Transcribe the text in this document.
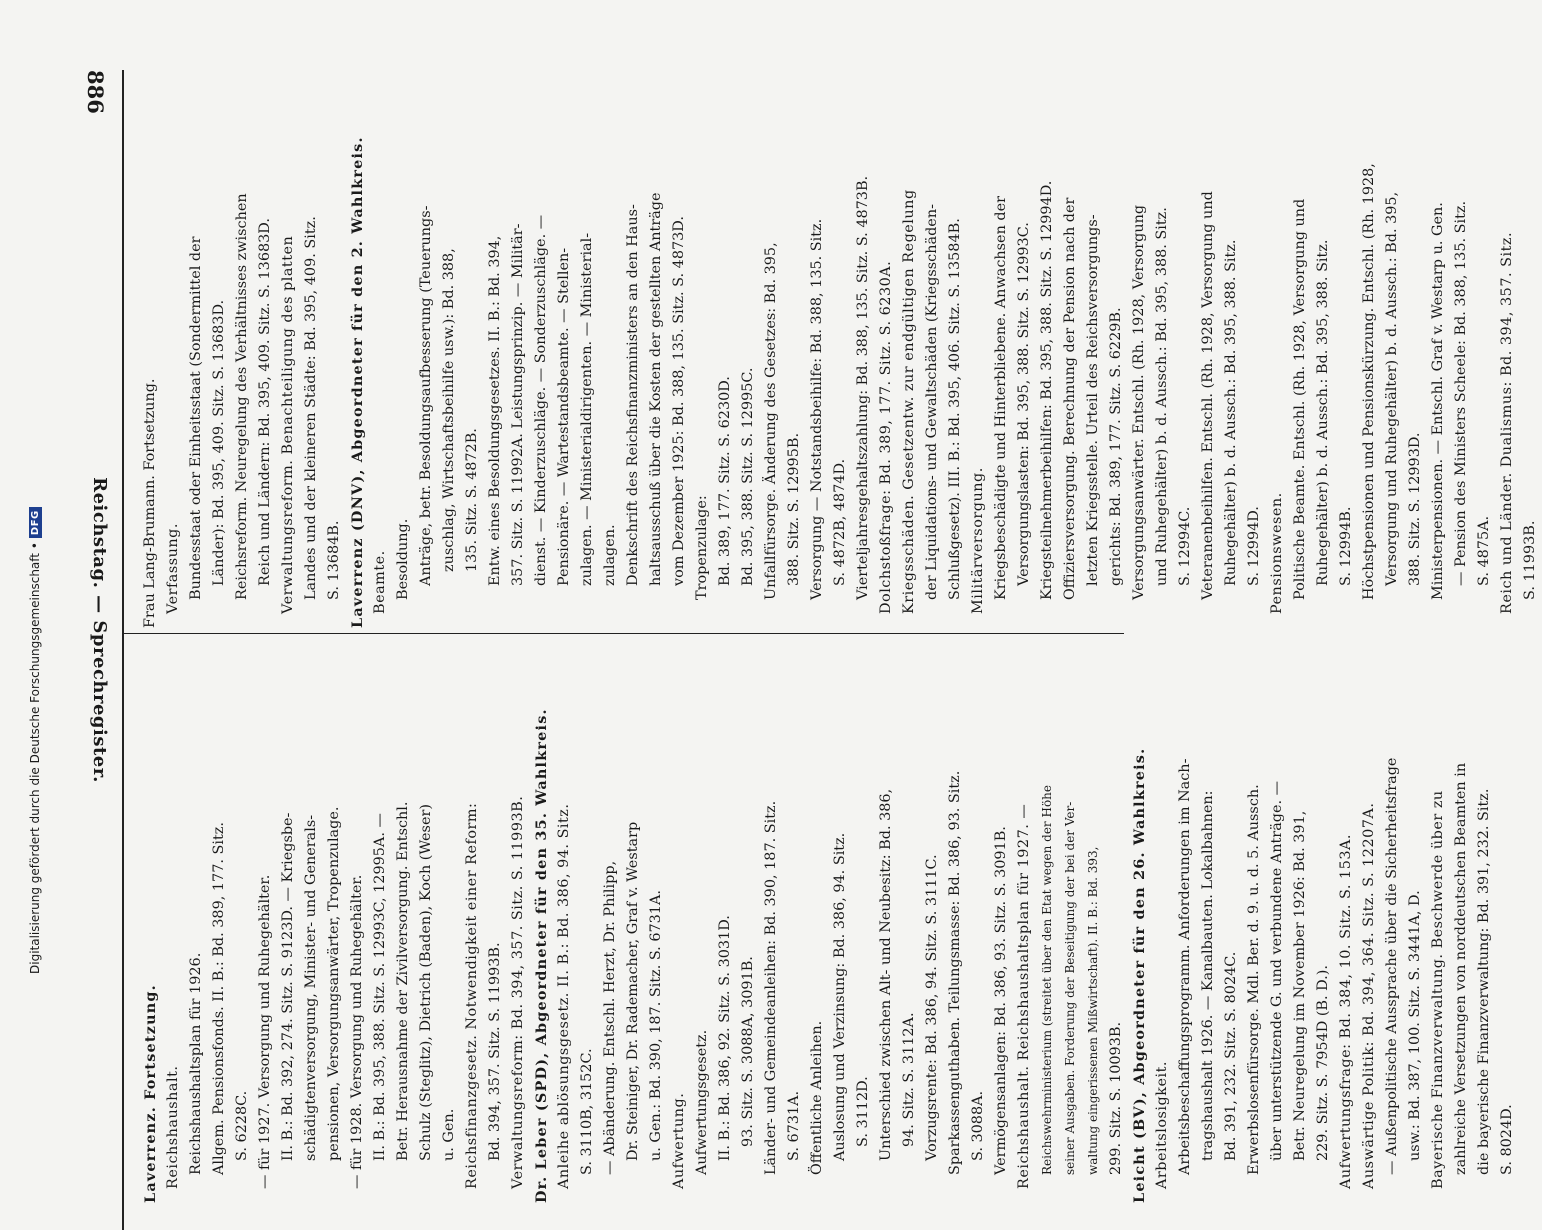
886
Reichstag. — Sprechregister. Frau Lang-Brumann. Fortsetzung. Verfassung. Bundesstaat oder Einheitsstaat (Sondermittel der Länder): Bd. 395, 409. Sitz. S. 13683D. Reichsreform. Neuregelung des Verhältnisses zwischen Reich und Ländern: Bd. 395, 409. Sitz. S. 13683D. Verwaltungsreform. Benachteiligung des platten Landes und der kleineren Städte: Bd. 395, 409. Sitz. S. 13684B. Laverrenz (DNV), Abgeordneter für den 2. Wahlkreis. Beamte. Besoldung. Anträge, betr. Besoldungsaufbesserung (Teuerungs- zuschlag, Wirtschaftsbeihilfe usw.): Bd. 388, 135. Sitz. S. 4872B. Entw. eines Besoldungsgesetzes. II. B.: Bd. 394, 357. Sitz. S. 11992A. Leistungsprinzip. — Militär- dienst. — Kinderzuschläge. — Sonderzuschläge. — Pensionäre. — Wartestandsbeamte. — Stellen- zulagen. — Ministerialdirigenten. — Ministerial- zulagen. Denkschrift des Reichsfinanzministers an den Haus- haltsausschuß über die Kosten der gestellten Anträge vom Dezember 1925: Bd. 388, 135. Sitz. S. 4873D. Tropenzulage: Bd. 389, 177. Sitz. S. 6230D. Bd. 395, 388. Sitz. S. 12995C. Unfallfürsorge. Änderung des Gesetzes: Bd. 395, 388. Sitz. S. 12995B. Versorgung — Notstandsbeihilfe: Bd. 388, 135. Sitz. S. 4872B, 4874D. Vierteljahresgehaltszahlung: Bd. 388, 135. Sitz. S. 4873B. Dolchstoßfrage: Bd. 389, 177. Sitz. S. 6230A. Kriegsschäden. Gesetzentw. zur endgültigen Regelung der Liquidations- und Gewaltschäden (Kriegsschäden- Schlußgesetz). III. B.: Bd. 395, 406. Sitz. S. 13584B. Militärversorgung. Kriegsbeschädigte und Hinterbliebene. Anwachsen der Versorgungslasten: Bd. 395, 388. Sitz. S. 12993C. Kriegsteilnehmerbeihilfen: Bd. 395, 388. Sitz. S. 12994D. Offiziersversorgung. Berechnung der Pension nach der letzten Kriegsstelle. Urteil des Reichsversorgungs- gerichts: Bd. 389, 177. Sitz. S. 6229B. Versorgungsanwärter. Entschl. (Rh. 1928, Versorgung und Ruhegehälter) b. d. Aussch.: Bd. 395, 388. Sitz. S. 12994C. Veteranenbeihilfen. Entschl. (Rh. 1928, Versorgung und Ruhegehälter) b. d. Aussch.: Bd. 395, 388. Sitz. S. 12994D. Pensionswesen. Politische Beamte. Entschl. (Rh. 1928, Versorgung und Ruhegehälter) b. d. Aussch.: Bd. 395, 388. Sitz. S. 12994B. Höchstpensionen und Pensionskürzung. Entschl. (Rh. 1928, Versorgung und Ruhegehälter) b. d. Aussch.: Bd. 395, 388. Sitz. S. 12993D. Ministerpensionen. — Entschl. Graf v. Westarp u. Gen. — Pension des Ministers Scheele: Bd. 388, 135. Sitz. S. 4875A. Reich und Länder. Dualismus: Bd. 394, 357. Sitz. S. 11993B.

Laverrenz. Fortsetzung. Reichshaushalt. Reichshaushaltsplan für 1926. Allgem. Pensionsfonds. II. B.: Bd. 389, 177. Sitz. S. 6228C. — für 1927. Versorgung und Ruhegehälter. II. B.: Bd. 392, 274. Sitz. S. 9123D. — Kriegsbe- schädigtenversorgung, Minister- und Generals- pensionen, Versorgungsanwärter, Tropenzulage. — für 1928. Versorgung und Ruhegehälter. II. B.: Bd. 395, 388. Sitz. S. 12993C, 12995A. — Betr. Herausnahme der Zivilversorgung. Entschl. Schulz (Steglitz), Dietrich (Baden), Koch (Weser) u. Gen. Reichsfinanzgesetz. Notwendigkeit einer Reform: Bd. 394, 357. Sitz. S. 11993B. Verwaltungsreform: Bd. 394, 357. Sitz. S. 11993B. Dr. Leber (SPD), Abgeordneter für den 35. Wahlkreis. Anleihe ablösungsgesetz. II. B.: Bd. 386, 94. Sitz. S. 3110B, 3152C. — Abänderung. Entschl. Herzt, Dr. Philipp, Dr. Steiniger, Dr. Rademacher, Graf v. Westarp u. Gen.: Bd. 390, 187. Sitz. S. 6731A. Aufwertung. Aufwertungsgesetz. II. B.: Bd. 386, 92. Sitz. S. 3031D. 93. Sitz. S. 3088A, 3091B. Länder- und Gemeindeanleihen: Bd. 390, 187. Sitz. S. 6731A. Öffentliche Anleihen. Auslosung und Verzinsung: Bd. 386, 94. Sitz. S. 3112D. Unterschied zwischen Alt- und Neubesitz: Bd. 386, 94. Sitz. S. 3112A. Vorzugsrente: Bd. 386, 94. Sitz. S. 3111C. Sparkassenguthaben. Teilungsmasse: Bd. 386, 93. Sitz. S. 3088A. Vermögensanlagen: Bd. 386, 93. Sitz. S. 3091B. Reichshaushalt. Reichshaushaltsplan für 1927. — Reichswehrministerium (streitet über den Etat wegen der Höhe seiner Ausgaben. Forderung der Beseitigung der bei der Ver- waltung eingerissenen Mißwirtschaft). II. B.: Bd. 393, 299. Sitz. S. 10093B. Leicht (BV), Abgeordneter für den 26. Wahlkreis. Arbeitslosigkeit. Arbeitsbeschaffungsprogramm. Anforderungen im Nach- tragshaushalt 1926. — Kanalbauten. Lokalbahnen: Bd. 391, 232. Sitz. S. 8024C. Erwerbslosenfürsorge. Mdl. Ber. d. 9. u. d. 5. Aussch. über unterstützende G. und verbundene Anträge. — Betr. Neuregelung im November 1926: Bd. 391, 229. Sitz. S. 7954D (B. D.). Aufwertungsfrage: Bd. 384, 10. Sitz. S. 153A. Auswärtige Politik: Bd. 394, 364. Sitz. S. 12207A. — Außenpolitische Aussprache über die Sicherheitsfrage usw.: Bd. 387, 100. Sitz. S. 3441A, D. Bayerische Finanzverwaltung. Beschwerde über zu zahlreiche Versetzungen von norddeutschen Beamten in die bayerische Finanzverwaltung: Bd. 391, 232. Sitz. S. 8024D.

Digitalisierung gefördert durch die Deutsche Forschungsgemeinschaft •
DFG
